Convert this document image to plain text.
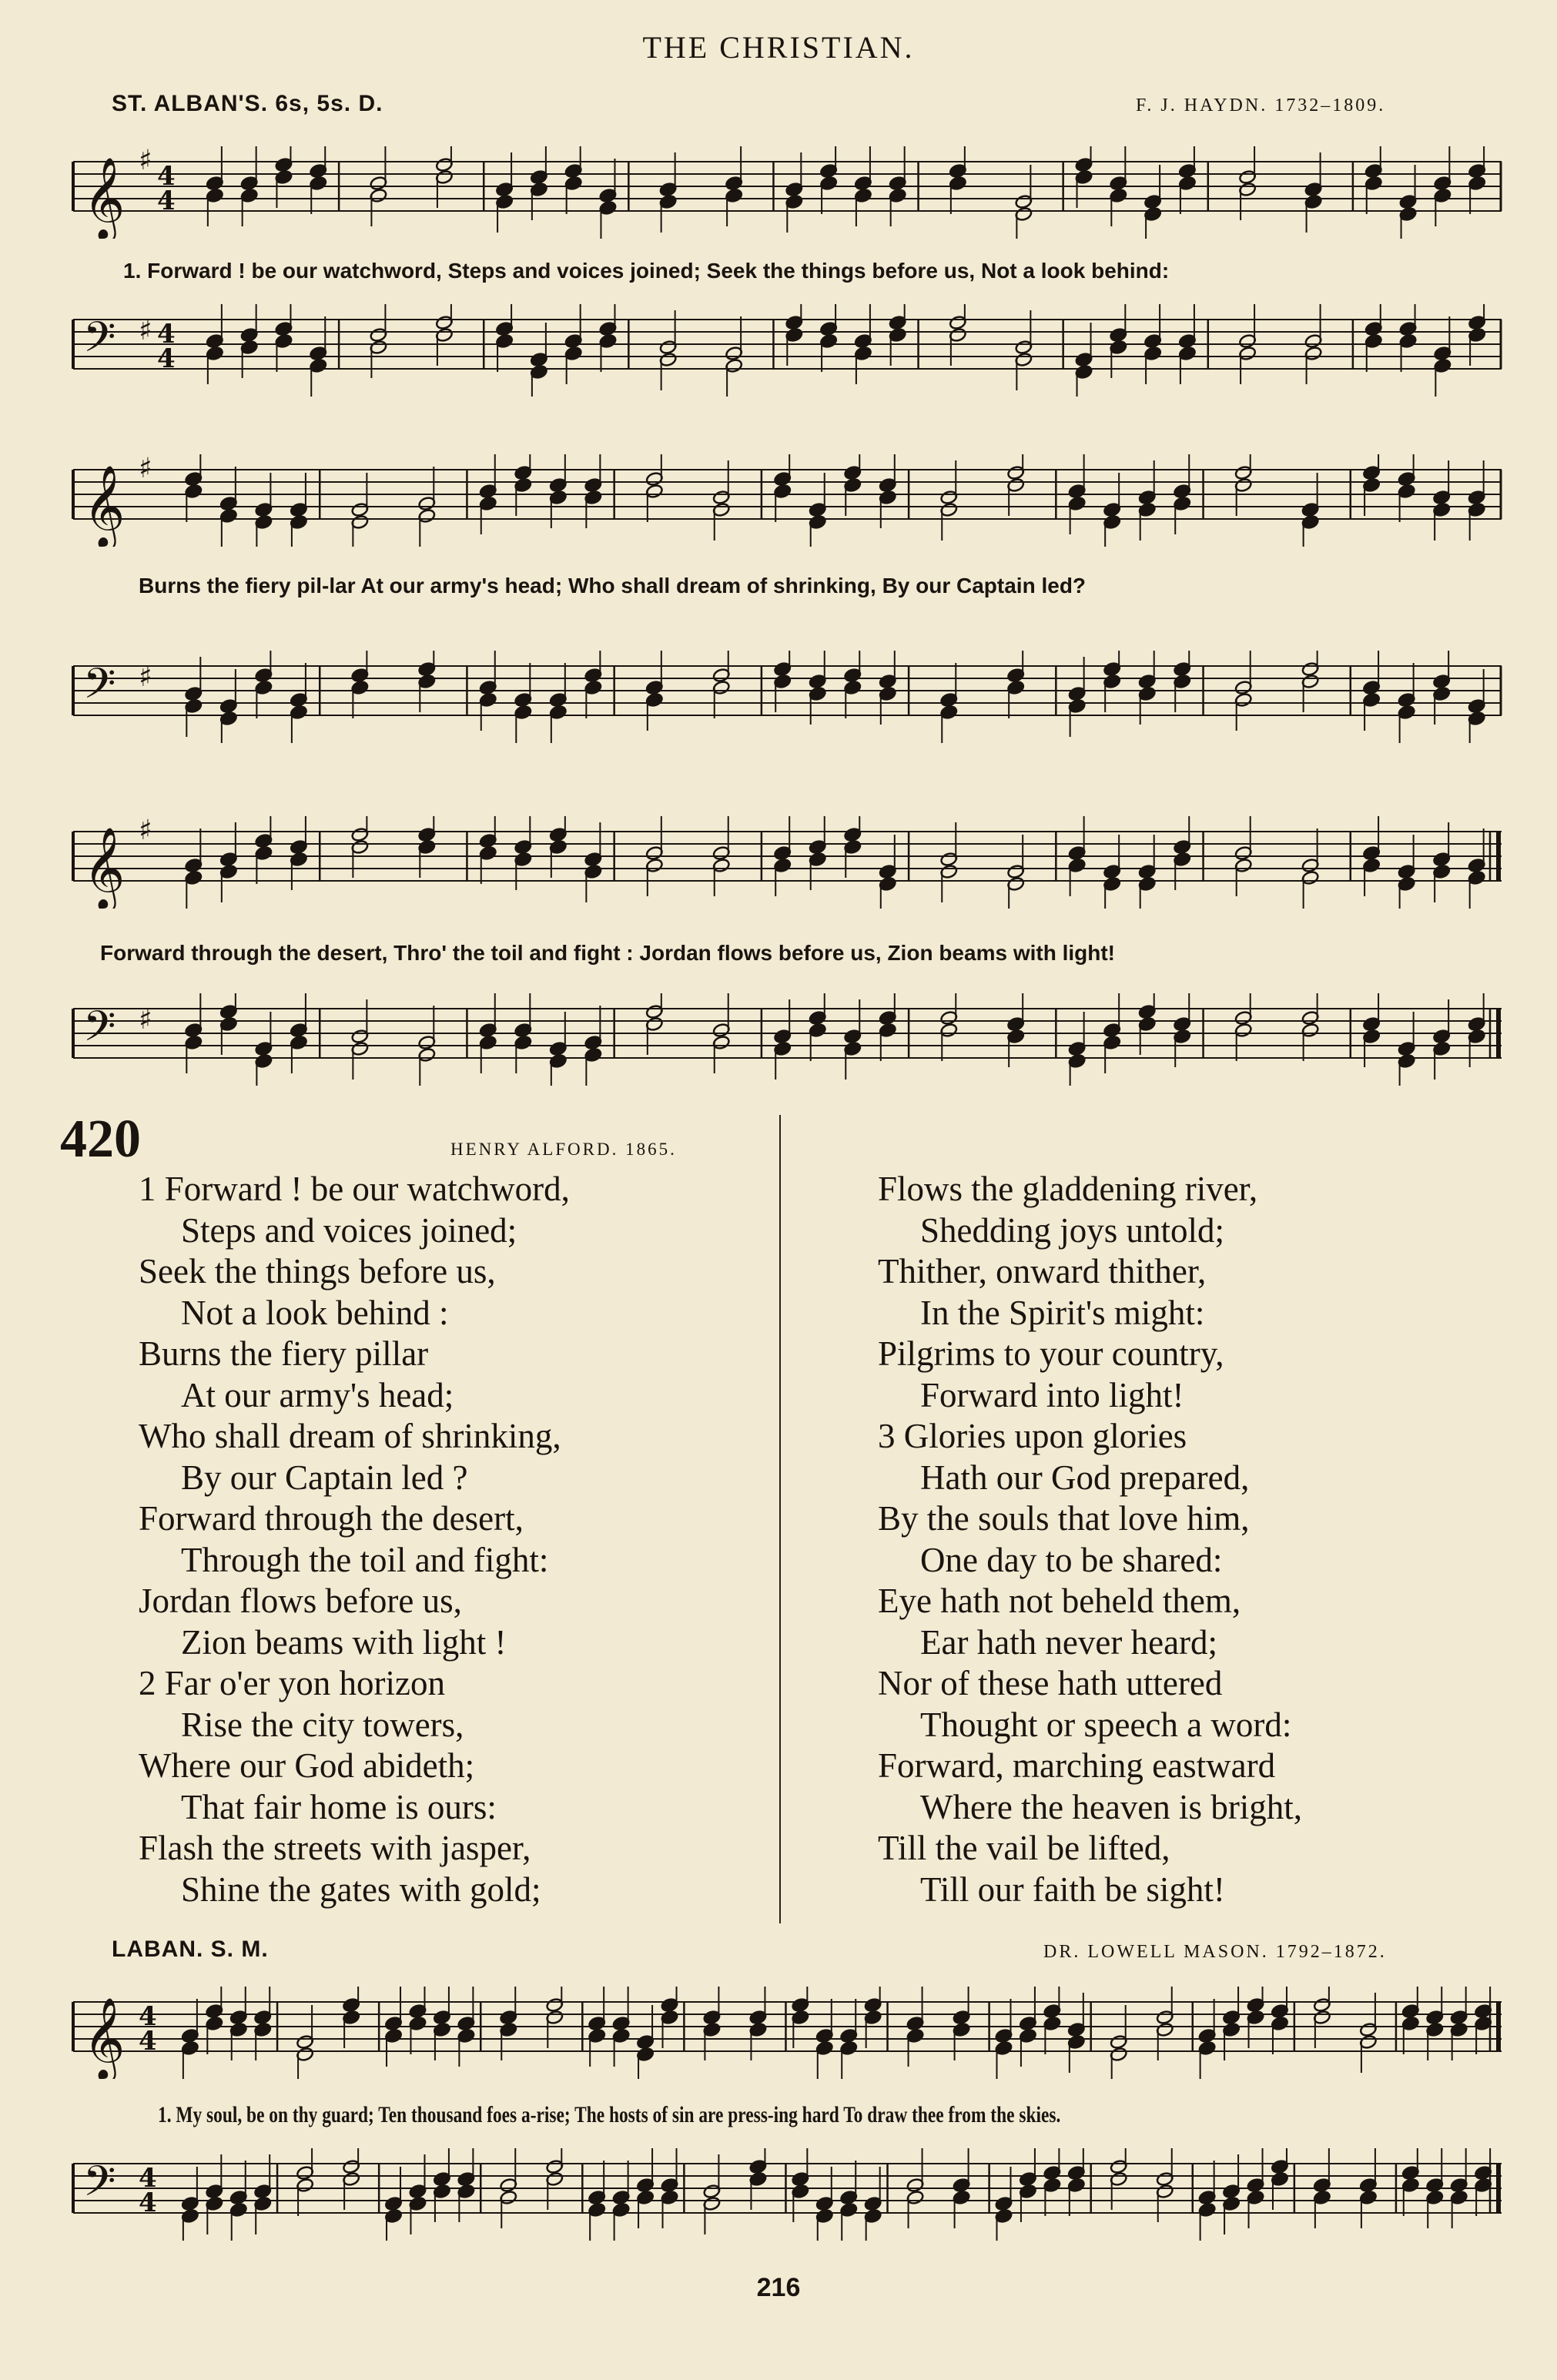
THE CHRISTIAN.
ST. ALBAN'S. 6s, 5s. D.	F. J. HAYDN. 1732–1809.
𝄞 ♯ 4
4
1. Forward ! be our watchword, Steps and voices joined; Seek the things before us, Not a look behind:
𝄢 ♯ 4
4
𝄞 ♯
Burns the fiery pil-lar At our army's head; Who shall dream of shrinking, By our Captain led?
𝄢 ♯
𝄞 ♯
Forward through the desert, Thro' the toil and fight : Jordan flows before us, Zion beams with light!
𝄢 ♯
420	HENRY ALFORD. 1865.
1 Forward ! be our watchword,
Steps and voices joined;
Seek the things before us,
Not a look behind :
Burns the fiery pillar
At our army's head;
Who shall dream of shrinking,
By our Captain led ?
Forward through the desert,
Through the toil and fight:
Jordan flows before us,
Zion beams with light !
2 Far o'er yon horizon
Rise the city towers,
Where our God abideth;
That fair home is ours:
Flash the streets with jasper,
Shine the gates with gold;
Flows the gladdening river,
Shedding joys untold;
Thither, onward thither,
In the Spirit's might:
Pilgrims to your country,
Forward into light!
3 Glories upon glories
Hath our God prepared,
By the souls that love him,
One day to be shared:
Eye hath not beheld them,
Ear hath never heard;
Nor of these hath uttered
Thought or speech a word:
Forward, marching eastward
Where the heaven is bright,
Till the vail be lifted,
Till our faith be sight!
LABAN. S. M.	DR. LOWELL MASON. 1792–1872.
𝄞 4
4
1. My soul, be on thy guard; Ten thousand foes a-rise; The hosts of sin are press-ing hard To draw thee from the skies.
𝄢 4
4
216
